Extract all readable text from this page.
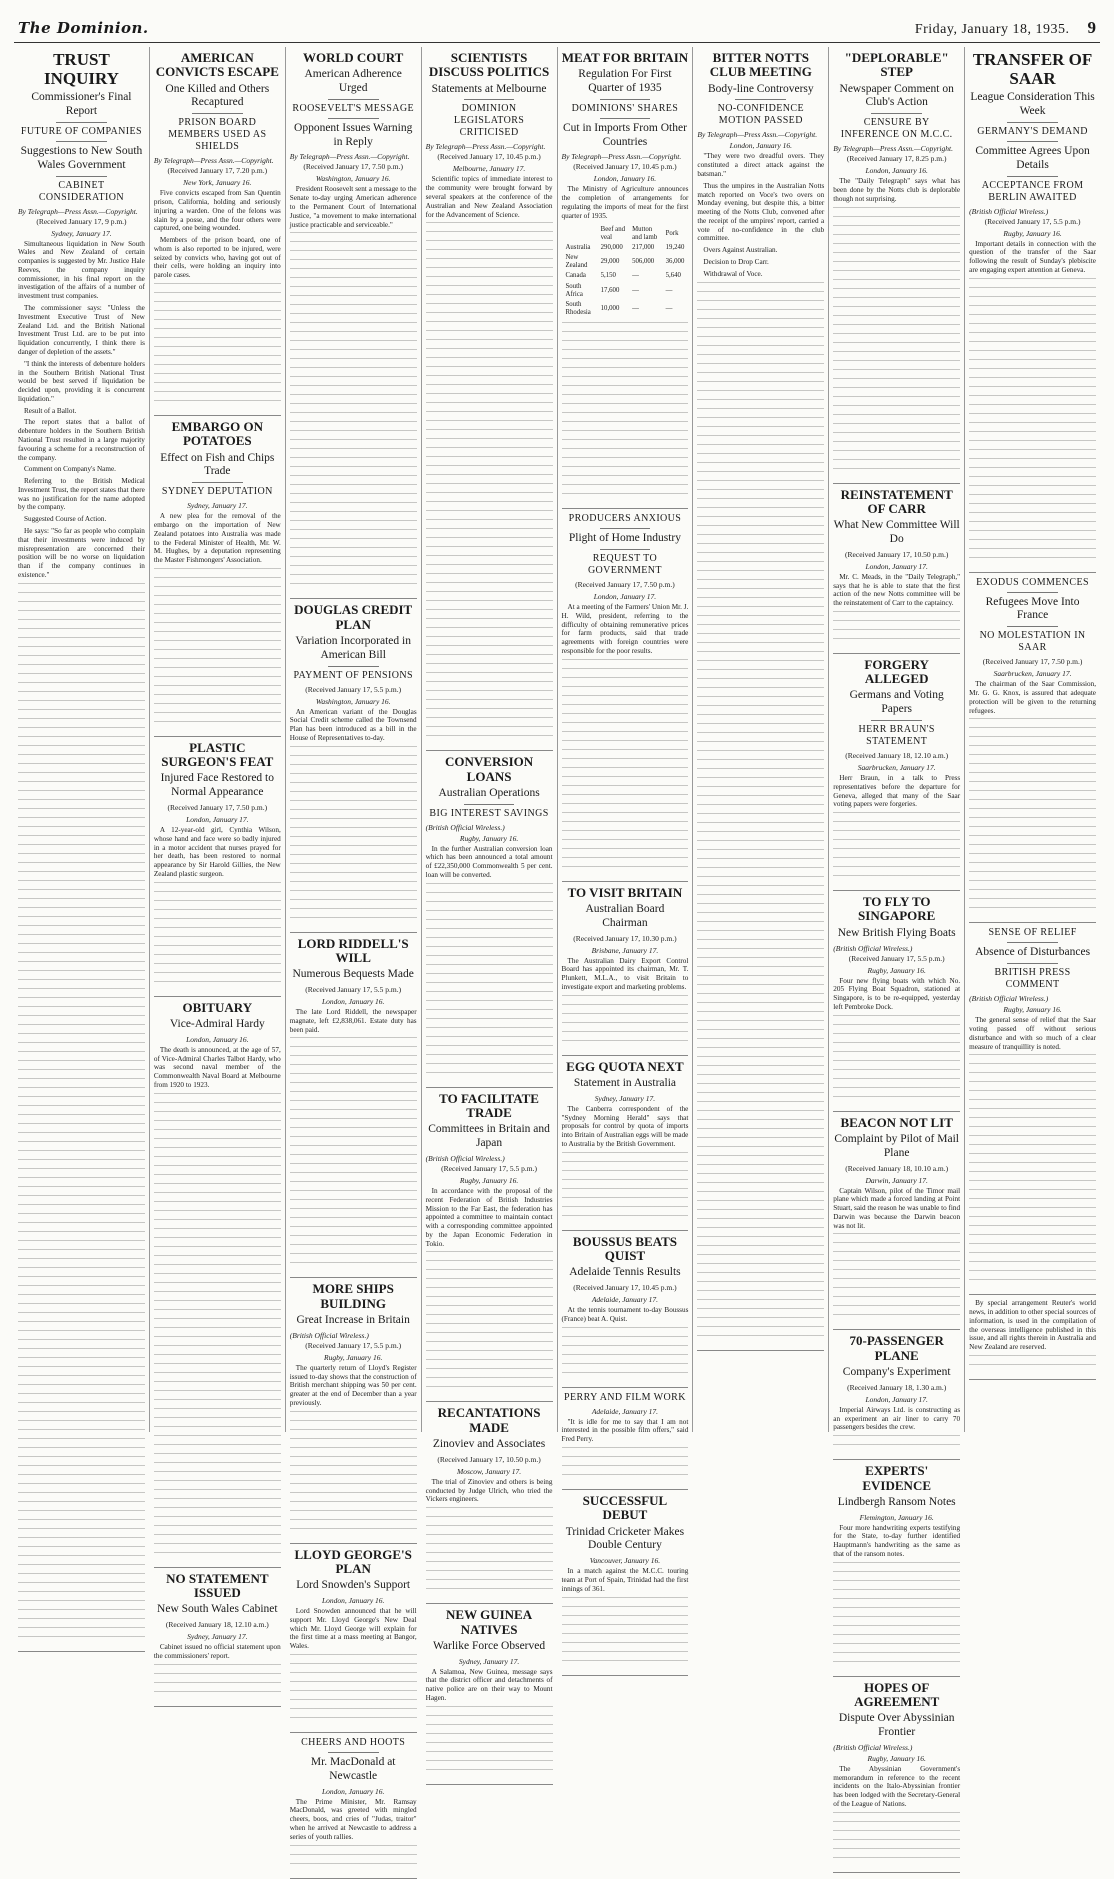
The Dominion.	Friday, January 18, 1935. 9
TRUST INQUIRY
Commissioner's Final Report
FUTURE OF COMPANIES
Suggestions to New South Wales Government
CABINET CONSIDERATION
By Telegraph—Press Assn.—Copyright.
(Received January 17, 9 p.m.)
Sydney, January 17.

Simultaneous liquidation in New South Wales and New Zealand of certain companies is suggested by Mr. Justice Hale Reeves, the company inquiry commissioner, in his final report on the investigation of the affairs of a number of investment trust companies.

The commissioner says: "Unless the Investment Executive Trust of New Zealand Ltd. and the British National Investment Trust Ltd. are to be put into liquidation concurrently, I think there is danger of depletion of the assets."

"I think the interests of debenture holders in the Southern British National Trust would be best served if liquidation be decided upon, providing it is concurrent liquidation."

Result of a Ballot.

The report states that a ballot of debenture holders in the Southern British National Trust resulted in a large majority favouring a scheme for a reconstruction of the company.

Comment on Company's Name.

Referring to the British Medical Investment Trust, the report states that there was no justification for the name adopted by the company.

Suggested Course of Action.

He says: "So far as people who complain that their investments were induced by misrepresentation are concerned their position will be no worse on liquidation than if the company continues in existence."

AMERICAN CONVICTS ESCAPE
One Killed and Others Recaptured
PRISON BOARD MEMBERS USED AS SHIELDS
By Telegraph—Press Assn.—Copyright.
(Received January 17, 7.20 p.m.)
New York, January 16.

Five convicts escaped from San Quentin prison, California, holding and seriously injuring a warden. One of the felons was slain by a posse, and the four others were captured, one being wounded.

Members of the prison board, one of whom is also reported to be injured, were seized by convicts who, having got out of their cells, were holding an inquiry into parole cases.

EMBARGO ON POTATOES
Effect on Fish and Chips Trade
SYDNEY DEPUTATION
Sydney, January 17.

A new plea for the removal of the embargo on the importation of New Zealand potatoes into Australia was made to the Federal Minister of Health, Mr. W. M. Hughes, by a deputation representing the Master Fishmongers' Association.

PLASTIC SURGEON'S FEAT
Injured Face Restored to Normal Appearance
(Received January 17, 7.50 p.m.)
London, January 17.

A 12-year-old girl, Cynthia Wilson, whose hand and face were so badly injured in a motor accident that nurses prayed for her death, has been restored to normal appearance by Sir Harold Gillies, the New Zealand plastic surgeon.

OBITUARY
Vice-Admiral Hardy
London, January 16.

The death is announced, at the age of 57, of Vice-Admiral Charles Talbot Hardy, who was second naval member of the Commonwealth Naval Board at Melbourne from 1920 to 1923.

NO STATEMENT ISSUED
New South Wales Cabinet
(Received January 18, 12.10 a.m.)
Sydney, January 17.

Cabinet issued no official statement upon the commissioners' report.

WORLD COURT
American Adherence Urged
ROOSEVELT'S MESSAGE
Opponent Issues Warning in Reply
By Telegraph—Press Assn.—Copyright.
(Received January 17, 7.50 p.m.)
Washington, January 16.

President Roosevelt sent a message to the Senate to-day urging American adherence to the Permanent Court of International Justice, "a movement to make international justice practicable and serviceable."

DOUGLAS CREDIT PLAN
Variation Incorporated in American Bill
PAYMENT OF PENSIONS
(Received January 17, 5.5 p.m.)
Washington, January 16.

An American variant of the Douglas Social Credit scheme called the Townsend Plan has been introduced as a bill in the House of Representatives to-day.

LORD RIDDELL'S WILL
Numerous Bequests Made
(Received January 17, 5.5 p.m.)
London, January 16.

The late Lord Riddell, the newspaper magnate, left £2,838,061. Estate duty has been paid.

MORE SHIPS BUILDING
Great Increase in Britain
(British Official Wireless.)
(Received January 17, 5.5 p.m.)
Rugby, January 16.

The quarterly return of Lloyd's Register issued to-day shows that the construction of British merchant shipping was 50 per cent. greater at the end of December than a year previously.

LLOYD GEORGE'S PLAN
Lord Snowden's Support
London, January 16.

Lord Snowden announced that he will support Mr. Lloyd George's New Deal which Mr. Lloyd George will explain for the first time at a mass meeting at Bangor, Wales.

CHEERS AND HOOTS
Mr. MacDonald at Newcastle
London, January 16.

The Prime Minister, Mr. Ramsay MacDonald, was greeted with mingled cheers, boos, and cries of "Judas, traitor" when he arrived at Newcastle to address a series of youth rallies.

SCIENTISTS DISCUSS POLITICS
Statements at Melbourne
DOMINION LEGISLATORS CRITICISED
By Telegraph—Press Assn.—Copyright.
(Received January 17, 10.45 p.m.)
Melbourne, January 17.

Scientific topics of immediate interest to the community were brought forward by several speakers at the conference of the Australian and New Zealand Association for the Advancement of Science.

CONVERSION LOANS
Australian Operations
BIG INTEREST SAVINGS
(British Official Wireless.)
Rugby, January 16.

In the further Australian conversion loan which has been announced a total amount of £22,350,000 Commonwealth 5 per cent. loan will be converted.

TO FACILITATE TRADE
Committees in Britain and Japan
(British Official Wireless.)
(Received January 17, 5.5 p.m.)
Rugby, January 16.

In accordance with the proposal of the recent Federation of British Industries Mission to the Far East, the federation has appointed a committee to maintain contact with a corresponding committee appointed by the Japan Economic Federation in Tokio.

RECANTATIONS MADE
Zinoviev and Associates
(Received January 17, 10.50 p.m.)
Moscow, January 17.

The trial of Zinoviev and others is being conducted by Judge Ulrich, who tried the Vickers engineers.

NEW GUINEA NATIVES
Warlike Force Observed
Sydney, January 17.

A Salamoa, New Guinea, message says that the district officer and detachments of native police are on their way to Mount Hagen.

MEAT FOR BRITAIN
Regulation For First Quarter of 1935
DOMINIONS' SHARES
Cut in Imports From Other Countries
By Telegraph—Press Assn.—Copyright.
(Received January 17, 10.45 p.m.)
London, January 16.

The Ministry of Agriculture announces the completion of arrangements for regulating the imports of meat for the first quarter of 1935.

	Beef and veal	Mutton and lamb	Pork
Australia	290,000	217,000	19,240
New Zealand	29,000	506,000	36,000
Canada	5,150	—	5,640
South Africa	17,600	—	—
South Rhodesia	10,000	—	—
PRODUCERS ANXIOUS
Plight of Home Industry
REQUEST TO GOVERNMENT
(Received January 17, 7.50 p.m.)
London, January 17.

At a meeting of the Farmers' Union Mr. J. H. Wild, president, referring to the difficulty of obtaining remunerative prices for farm products, said that trade agreements with foreign countries were responsible for the poor results.

TO VISIT BRITAIN
Australian Board Chairman
(Received January 17, 10.30 p.m.)
Brisbane, January 17.

The Australian Dairy Export Control Board has appointed its chairman, Mr. T. Plunkett, M.L.A., to visit Britain to investigate export and marketing problems.

EGG QUOTA NEXT
Statement in Australia
Sydney, January 17.

The Canberra correspondent of the "Sydney Morning Herald" says that proposals for control by quota of imports into Britain of Australian eggs will be made to Australia by the British Government.

BOUSSUS BEATS QUIST
Adelaide Tennis Results
(Received January 17, 10.45 p.m.)
Adelaide, January 17.

At the tennis tournament to-day Boussus (France) beat A. Quist.

PERRY AND FILM WORK
Adelaide, January 17.

"It is idle for me to say that I am not interested in the possible film offers," said Fred Perry.

SUCCESSFUL DEBUT
Trinidad Cricketer Makes Double Century
Vancouver, January 16.

In a match against the M.C.C. touring team at Port of Spain, Trinidad had the first innings of 361.

BITTER NOTTS CLUB MEETING
Body-line Controversy
NO-CONFIDENCE MOTION PASSED
By Telegraph—Press Assn.—Copyright.
London, January 16.

"They were two dreadful overs. They constituted a direct attack against the batsman."

Thus the umpires in the Australian Notts match reported on Voce's two overs on Monday evening, but despite this, a bitter meeting of the Notts Club, convened after the receipt of the umpires' report, carried a vote of no-confidence in the club committee.

Overs Against Australian.

Decision to Drop Carr.

Withdrawal of Voce.

"DEPLORABLE" STEP
Newspaper Comment on Club's Action
CENSURE BY INFERENCE ON M.C.C.
By Telegraph—Press Assn.—Copyright.
(Received January 17, 8.25 p.m.)
London, January 16.

The "Daily Telegraph" says what has been done by the Notts club is deplorable though not surprising.

REINSTATEMENT OF CARR
What New Committee Will Do
(Received January 17, 10.50 p.m.)
London, January 17.

Mr. C. Meads, in the "Daily Telegraph," says that he is able to state that the first action of the new Notts committee will be the reinstatement of Carr to the captaincy.

FORGERY ALLEGED
Germans and Voting Papers
HERR BRAUN'S STATEMENT
(Received January 18, 12.10 a.m.)
Saarbrucken, January 17.

Herr Braun, in a talk to Press representatives before the departure for Geneva, alleged that many of the Saar voting papers were forgeries.

TO FLY TO SINGAPORE
New British Flying Boats
(British Official Wireless.)
(Received January 17, 5.5 p.m.)
Rugby, January 16.

Four new flying boats with which No. 205 Flying Boat Squadron, stationed at Singapore, is to be re-equipped, yesterday left Pembroke Dock.

BEACON NOT LIT
Complaint by Pilot of Mail Plane
(Received January 18, 10.10 a.m.)
Darwin, January 17.

Captain Wilson, pilot of the Timor mail plane which made a forced landing at Point Stuart, said the reason he was unable to find Darwin was because the Darwin beacon was not lit.

70-PASSENGER PLANE
Company's Experiment
(Received January 18, 1.30 a.m.)
London, January 17.

Imperial Airways Ltd. is constructing as an experiment an air liner to carry 70 passengers besides the crew.

EXPERTS' EVIDENCE
Lindbergh Ransom Notes
Flemington, January 16.

Four more handwriting experts testifying for the State, to-day further identified Hauptmann's handwriting as the same as that of the ransom notes.

HOPES OF AGREEMENT
Dispute Over Abyssinian Frontier
(British Official Wireless.)
Rugby, January 16.

The Abyssinian Government's memorandum in reference to the recent incidents on the Italo-Abyssinian frontier has been lodged with the Secretary-General of the League of Nations.

TRANSFER OF SAAR
League Consideration This Week
GERMANY'S DEMAND
Committee Agrees Upon Details
ACCEPTANCE FROM BERLIN AWAITED
(British Official Wireless.)
(Received January 17, 5.5 p.m.)
Rugby, January 16.

Important details in connection with the question of the transfer of the Saar following the result of Sunday's plebiscite are engaging expert attention at Geneva.

EXODUS COMMENCES
Refugees Move Into France
NO MOLESTATION IN SAAR
(Received January 17, 7.50 p.m.)
Saarbrucken, January 17.

The chairman of the Saar Commission, Mr. G. G. Knox, is assured that adequate protection will be given to the returning refugees.

SENSE OF RELIEF
Absence of Disturbances
BRITISH PRESS COMMENT
(British Official Wireless.)
Rugby, January 16.

The general sense of relief that the Saar voting passed off without serious disturbance and with so much of a clear measure of tranquillity is noted.

By special arrangement Reuter's world news, in addition to other special sources of information, is used in the compilation of the overseas intelligence published in this issue, and all rights therein in Australia and New Zealand are reserved.
